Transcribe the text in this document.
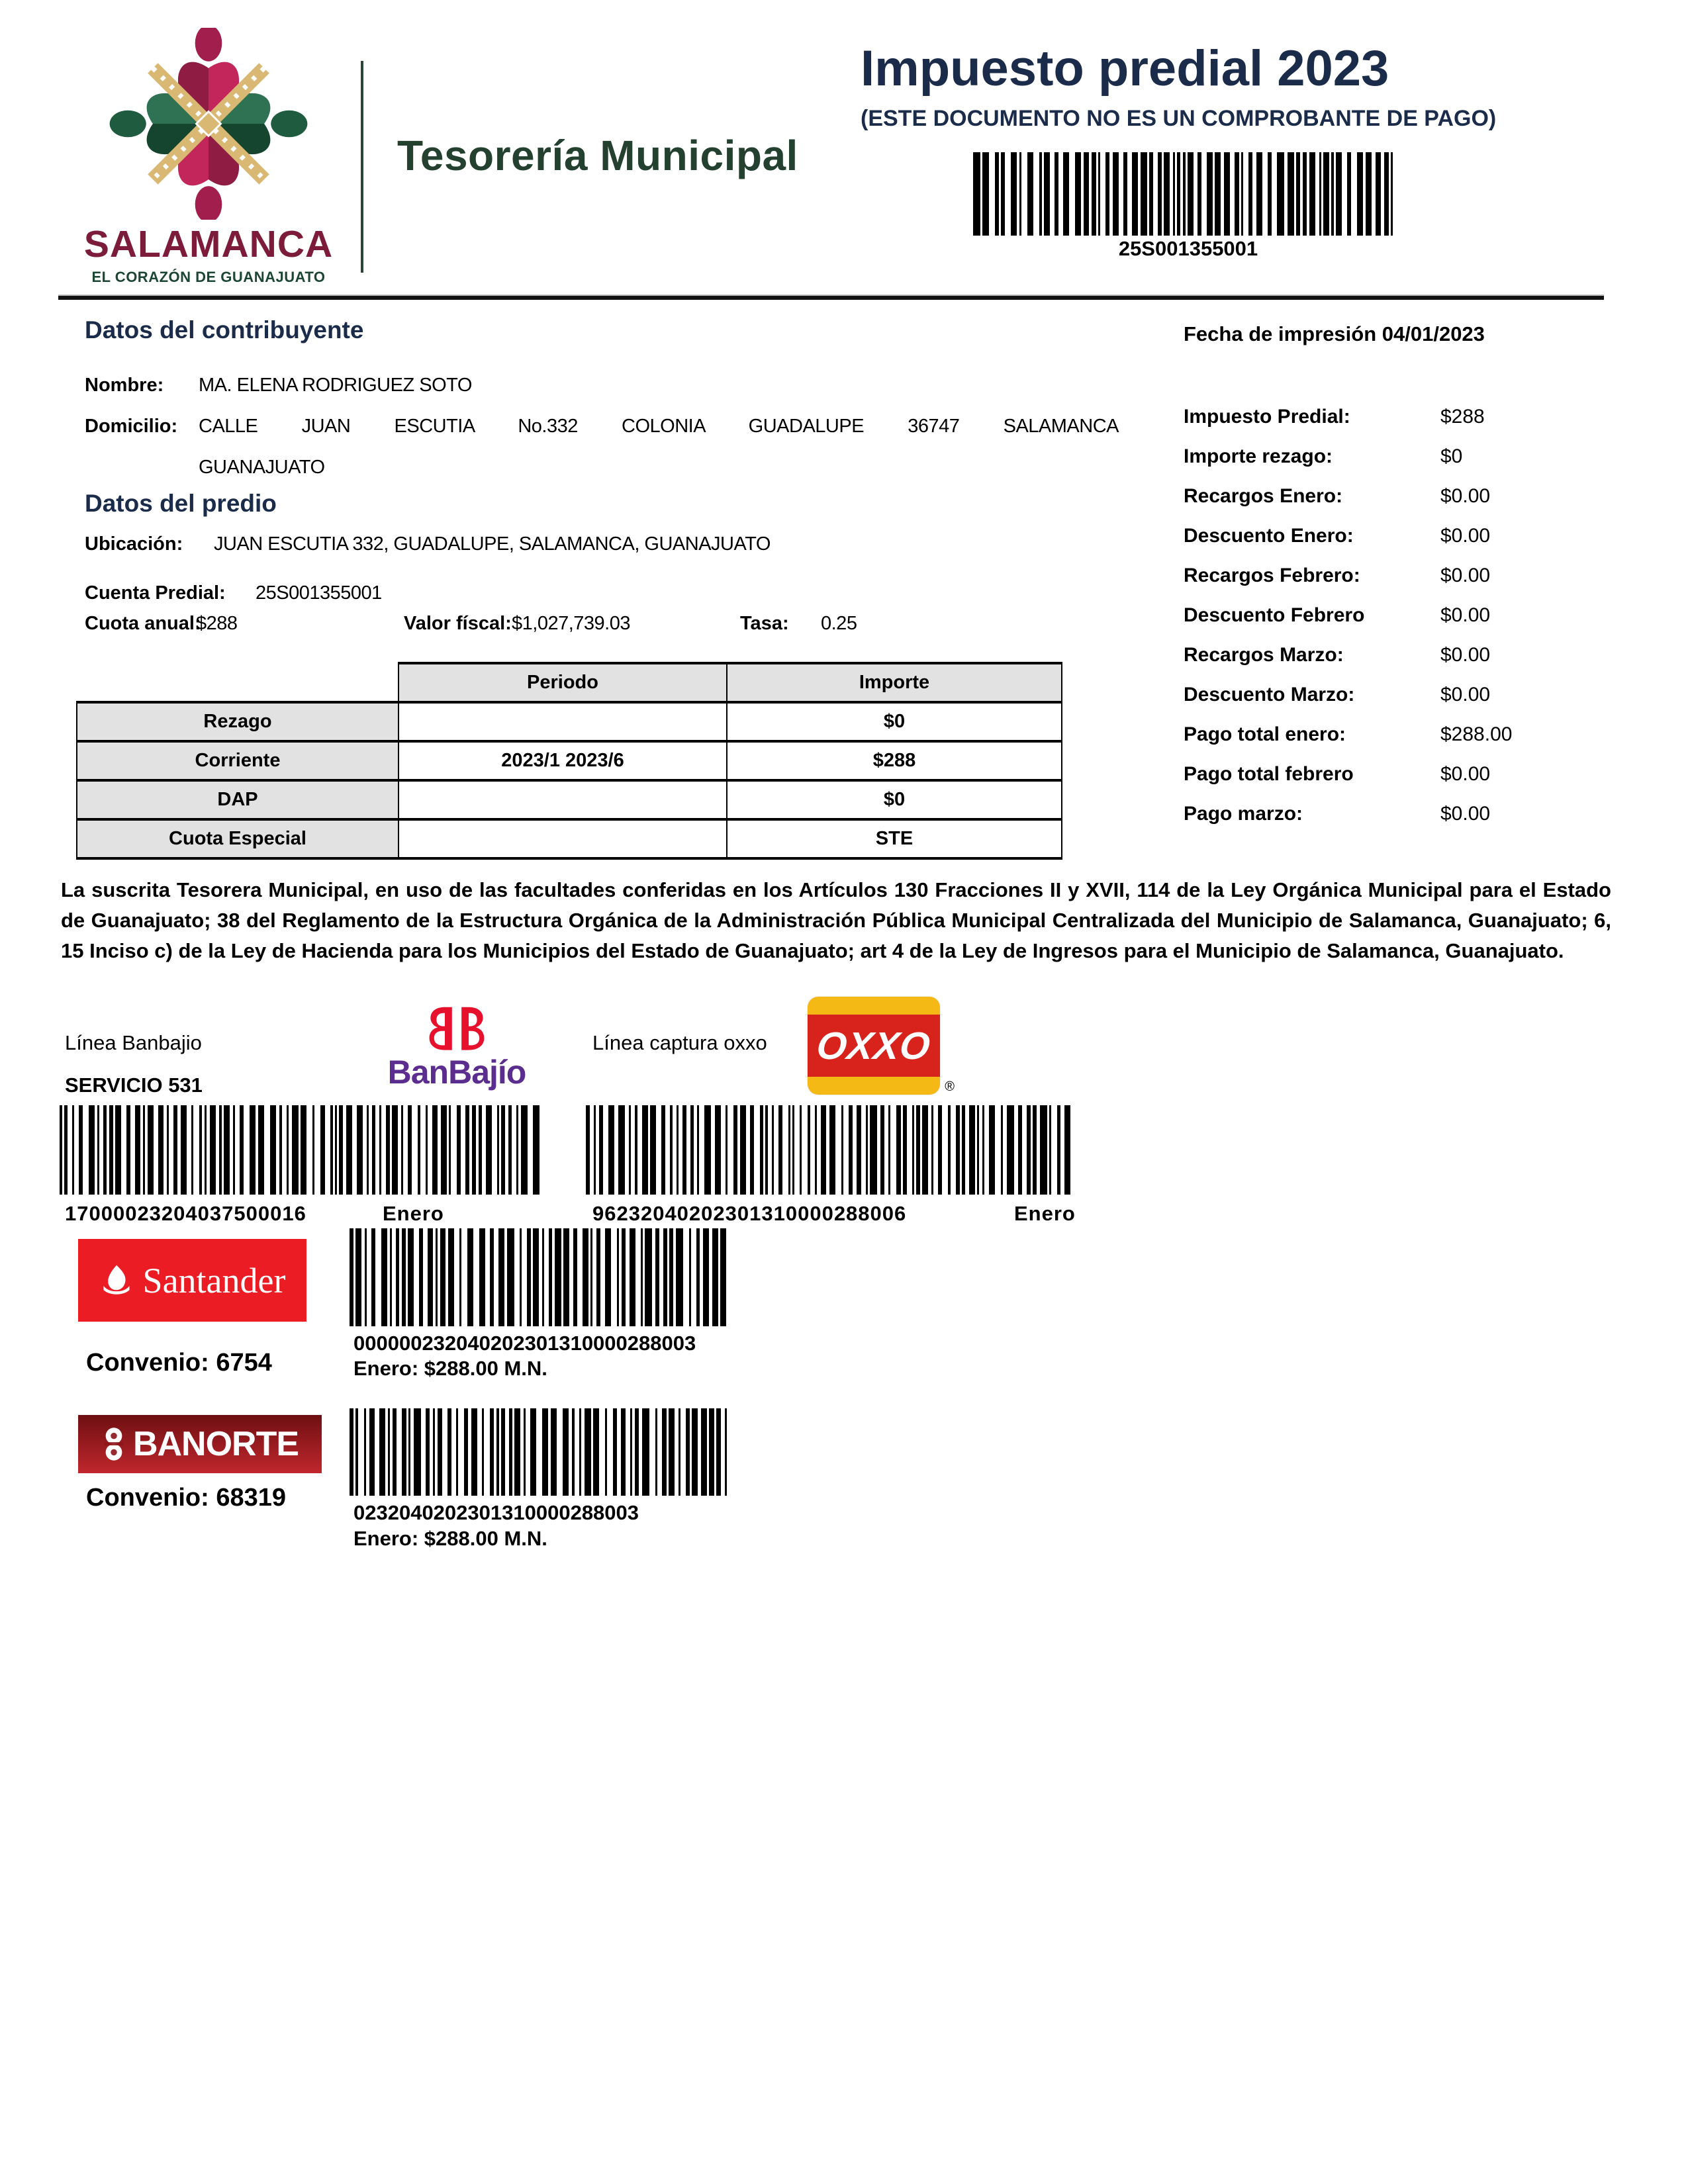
SALAMANCA
EL CORAZÓN DE GUANAJUATO
Tesorería Municipal
Impuesto predial 2023
(ESTE DOCUMENTO NO ES UN COMPROBANTE DE PAGO)
25S001355001
Datos del contribuyente
Nombre: MA. ELENA RODRIGUEZ SOTO
Domicilio: CALLE JUAN ESCUTIA No.332 COLONIA GUADALUPE 36747 SALAMANCA
GUANAJUATO
Datos del predio
Ubicación: JUAN ESCUTIA 332, GUADALUPE, SALAMANCA, GUANAJUATO
Cuenta Predial: 25S001355001
Cuota anual:
$288	Valor físcal: $1,027,739.03	Tasa: 0.25
	Periodo	Importe
Rezago		$0
Corriente	2023/1 2023/6	$288
DAP		$0
Cuota Especial		STE
Fecha de impresión 04/01/2023
Impuesto Predial:	$288
Importe rezago:	$0
Recargos Enero:	$0.00
Descuento Enero:	$0.00
Recargos Febrero:	$0.00
Descuento Febrero	$0.00
Recargos Marzo:	$0.00
Descuento Marzo:	$0.00
Pago total enero:	$288.00
Pago total febrero	$0.00
Pago marzo:	$0.00
La suscrita Tesorera Municipal, en uso de las facultades conferidas en los Artículos 130 Fracciones II y XVII, 114 de la Ley Orgánica Municipal para el Estado de Guanajuato; 38 del Reglamento de la Estructura Orgánica de la Administración Pública Municipal Centralizada del Municipio de Salamanca, Guanajuato; 6, 15 Inciso c) de la Ley de Hacienda para los Municipios del Estado de Guanajuato; art 4 de la Ley de Ingresos para el Municipio de Salamanca, Guanajuato.
Línea Banbajio
BanBajío
SERVICIO 531
17000023204037500016	Enero
Línea captura oxxo OXXO
®
96232040202301310000288006	Enero
Santander
000000232040202301310000288003
Enero: $288.00 M.N.
Convenio: 6754
BANORTE
0232040202301310000288003
Enero: $288.00 M.N.
Convenio: 68319
